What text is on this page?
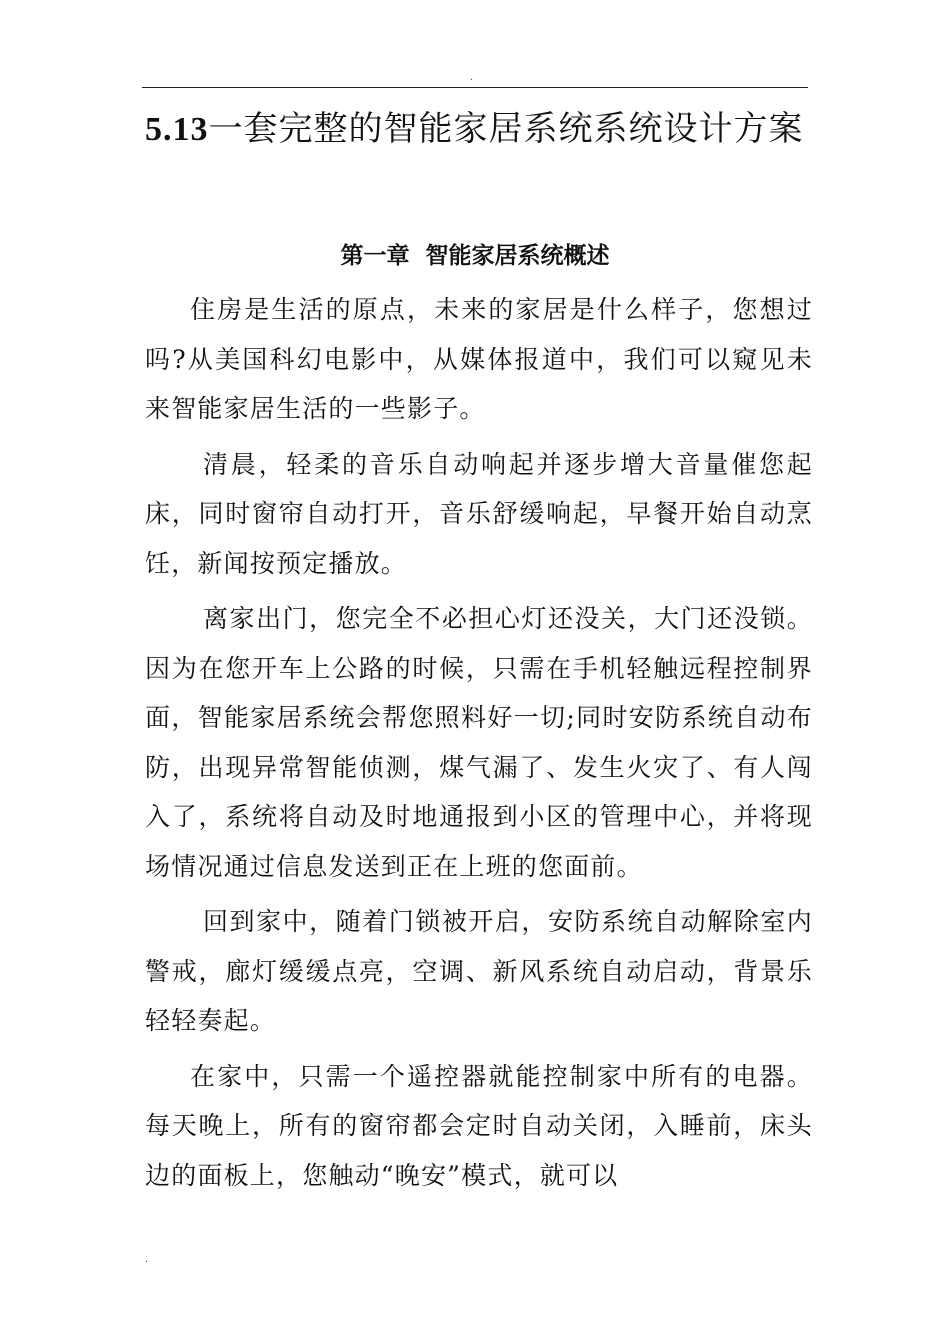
.
5.13一套完整的智能家居系统系统设计方案
第一章  智能家居系统概述

住房是生活的原点，未来的家居是什么样子，您想过吗?从美国科幻电影中，从媒体报道中，我们可以窥见未来智能家居生活的一些影子。

清晨，轻柔的音乐自动响起并逐步增大音量催您起床，同时窗帘自动打开，音乐舒缓响起，早餐开始自动烹饪，新闻按预定播放。

离家出门，您完全不必担心灯还没关，大门还没锁。因为在您开车上公路的时候，只需在手机轻触远程控制界面，智能家居系统会帮您照料好一切;同时安防系统自动布防，出现异常智能侦测，煤气漏了、发生火灾了、有人闯入了，系统将自动及时地通报到小区的管理中心，并将现场情况通过信息发送到正在上班的您面前。

回到家中，随着门锁被开启，安防系统自动解除室内警戒，廊灯缓缓点亮，空调、新风系统自动启动，背景乐轻轻奏起。

在家中，只需一个遥控器就能控制家中所有的电器。每天晚上，所有的窗帘都会定时自动关闭，入睡前，床头边的面板上，您触动“晚安”模式，就可以

.
